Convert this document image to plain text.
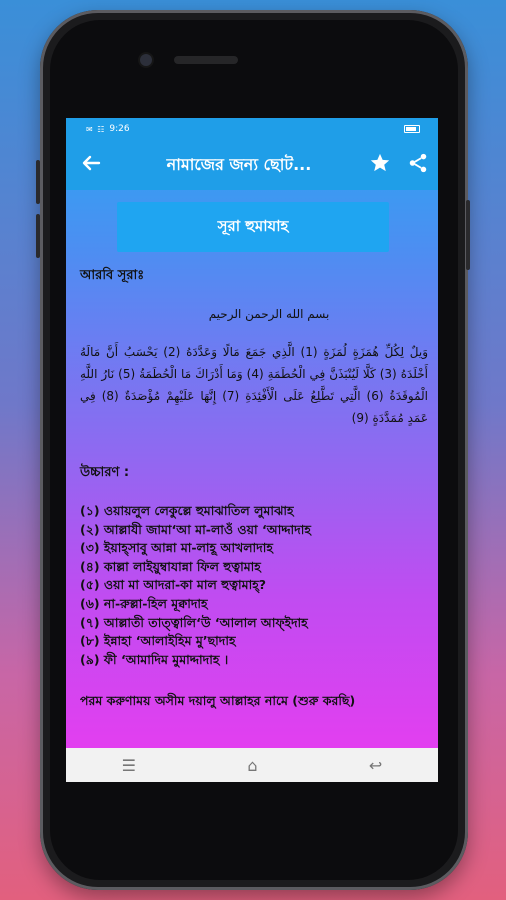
✉ ☷ 9:26
নামাজের জন্য ছোট...
সূরা হুমাযাহ
আরবি সূরাঃ
بسم الله الرحمن الرحيم
وَيلٌ لِكُلِّ هُمَزَةٍ لُمَزَةٍ (1) الَّذِي جَمَعَ مَالًا وَعَدَّدَهُ (2) يَحْسَبُ أَنَّ مَالَهُ أَخْلَدَهُ (3) كَلَّا لَيُنْبَذَنَّ فِي الْحُطَمَةِ (4) وَمَا أَدْرَاكَ مَا الْحُطَمَةُ (5) نَارُ اللَّهِ الْمُوقَدَةُ (6) الَّتِي تَطَّلِعُ عَلَى الْأَفْئِدَةِ (7) إِنَّهَا عَلَيْهِمْ مُؤْصَدَةٌ (8) فِي عَمَدٍ مُمَدَّدَةٍ (9)
উচ্চারণ :
(১) ওয়ায়লুল লেকুল্লে হুমাঝাতিল লুমাঝাহ
(২) আল্লাযী জামা‘আ মা-লাওঁ ওয়া ‘আদ্দাদাহ
(৩) ইয়াহ্সাবু আন্না মা-লাহূ আখলাদাহ
(৪) কাল্লা লাইয়ুম্বাযান্না ফিল হুত্বামাহ
(৫) ওয়া মা আদরা-কা মাল হুত্বামাহ্?
(৬) না-রুল্লা-হিল মূক্বাদাহ
(৭) আল্লাতী তাত্ত্বালি‘উ ‘আলাল আফ্ইদাহ
(৮) ইন্নাহা ‘আলাইহিম মু’ছাদাহ
(৯) ফী ‘আমাদিম মুমাদ্দাদাহ ।
পরম করুণাময় অসীম দয়ালু আল্লাহর নামে (শুরু করছি)
☰	⌂	↩
